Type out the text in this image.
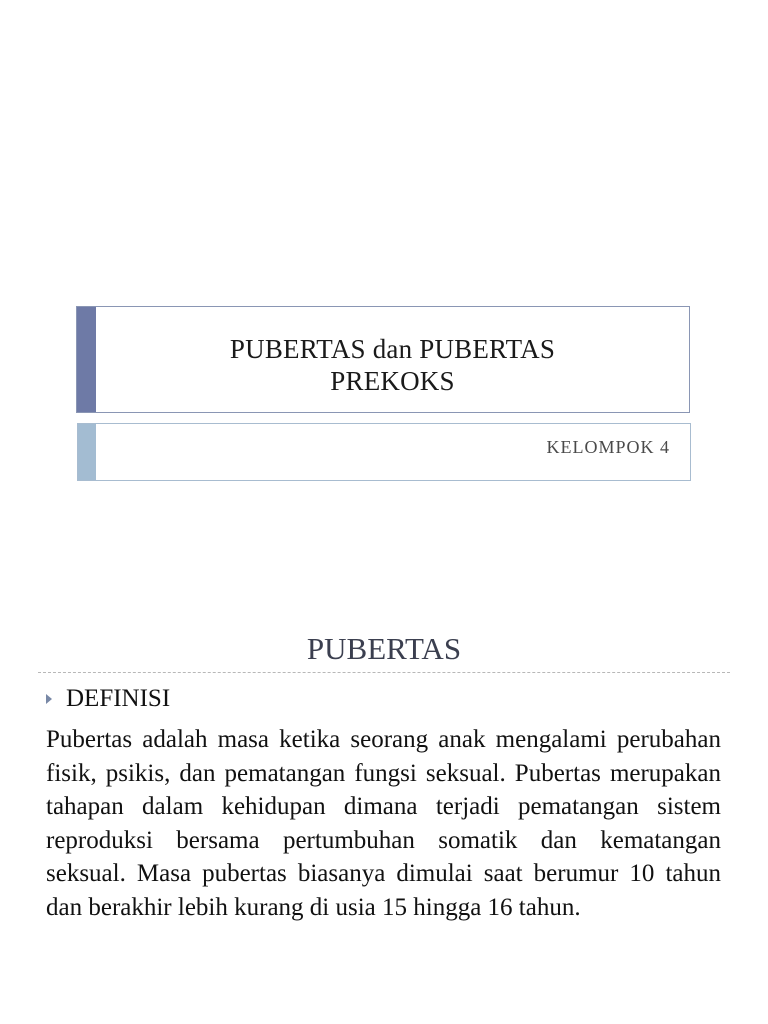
PUBERTAS dan PUBERTAS
PREKOKS
KELOMPOK 4
PUBERTAS
DEFINISI
Pubertas adalah masa ketika seorang anak mengalami perubahan fisik, psikis, dan pematangan fungsi seksual. Pubertas merupakan tahapan dalam kehidupan dimana terjadi pematangan sistem reproduksi bersama pertumbuhan somatik dan kematangan seksual. Masa pubertas biasanya dimulai saat berumur 10 tahun dan berakhir lebih kurang di usia 15 hingga 16 tahun.
